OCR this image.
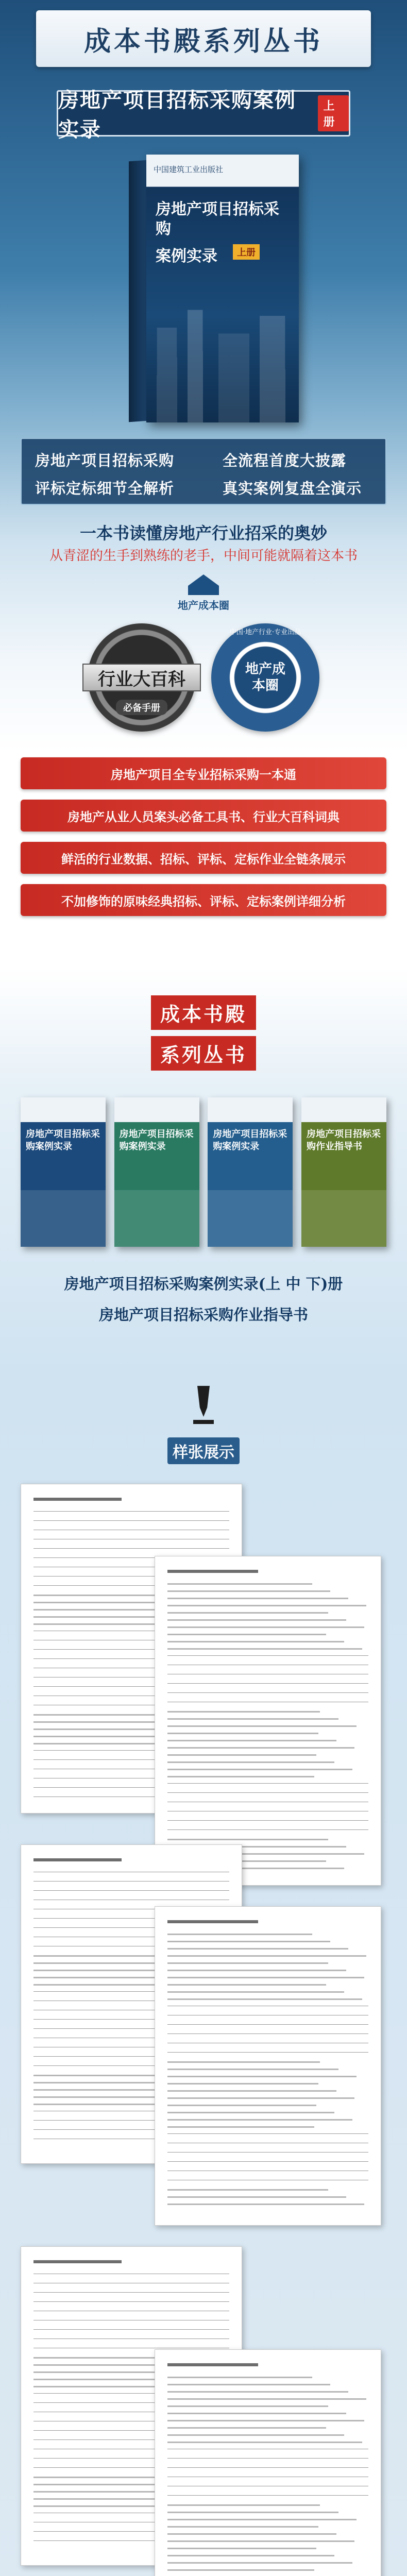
成本书殿系列丛书
房地产项目招标采购案例实录
上册
中国建筑工业出版社
房地产项目招标采购
案例实录	上册
房地产项目招标采购	全流程首度大披露
评标定标细节全解析	真实案例复盘全演示
一本书读懂房地产行业招采的奥妙
从青涩的生手到熟练的老手，中间可能就隔着这本书
地产成本圈
行业大百科
必备手册
中国·地产行业·专业出品
地产成本圈
房地产项目全专业招标采购一本通
房地产从业人员案头必备工具书、行业大百科词典
鲜活的行业数据、招标、评标、定标作业全链条展示
不加修饰的原味经典招标、评标、定标案例详细分析
成本书殿
系列丛书
房地产项目招标采购案例实录
房地产项目招标采购案例实录
房地产项目招标采购案例实录
房地产项目招标采购作业指导书
房地产项目招标采购案例实录(上 中 下)册
房地产项目招标采购作业指导书
样张展示
